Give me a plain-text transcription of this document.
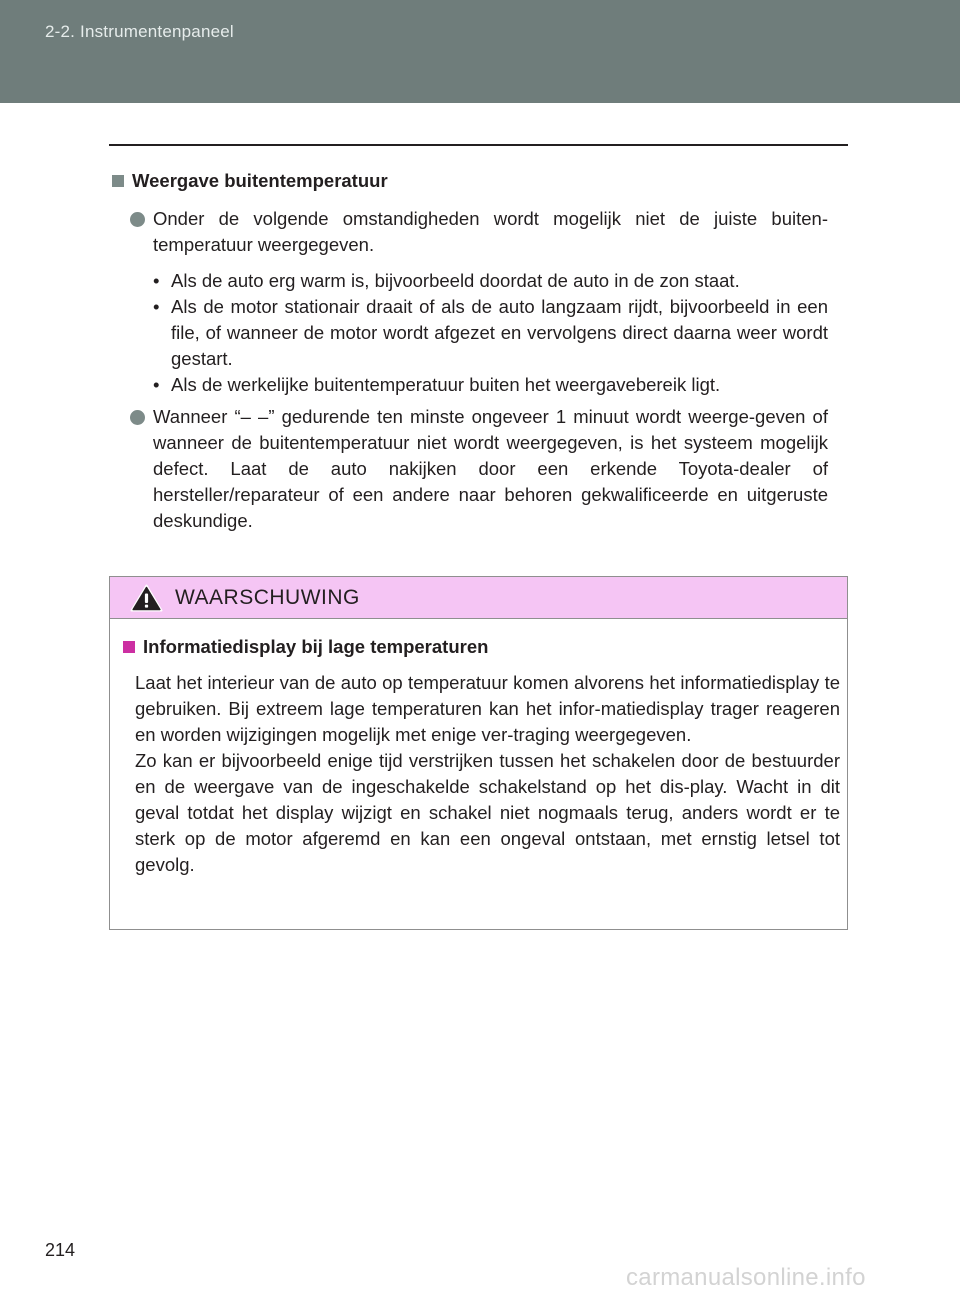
2-2. Instrumentenpaneel
Weergave buitentemperatuur
Onder de volgende omstandigheden wordt mogelijk niet de juiste buiten-temperatuur weergegeven.
• Als de auto erg warm is, bijvoorbeeld doordat de auto in de zon staat.
• Als de motor stationair draait of als de auto langzaam rijdt, bijvoorbeeld in een file, of wanneer de motor wordt afgezet en vervolgens direct daarna weer wordt gestart.
• Als de werkelijke buitentemperatuur buiten het weergavebereik ligt.
Wanneer “– –” gedurende ten minste ongeveer 1 minuut wordt weerge-geven of wanneer de buitentemperatuur niet wordt weergegeven, is het systeem mogelijk defect. Laat de auto nakijken door een erkende Toyota-dealer of hersteller/reparateur of een andere naar behoren gekwalificeerde en uitgeruste deskundige.
WAARSCHUWING
Informatiedisplay bij lage temperaturen

Laat het interieur van de auto op temperatuur komen alvorens het informatiedisplay te gebruiken. Bij extreem lage temperaturen kan het infor-matiedisplay trager reageren en worden wijzigingen mogelijk met enige ver-traging weergegeven.

Zo kan er bijvoorbeeld enige tijd verstrijken tussen het schakelen door de bestuurder en de weergave van de ingeschakelde schakelstand op het dis-play. Wacht in dit geval totdat het display wijzigt en schakel niet nogmaals terug, anders wordt er te sterk op de motor afgeremd en kan een ongeval ontstaan, met ernstig letsel tot gevolg.

214
carmanualsonline.info
